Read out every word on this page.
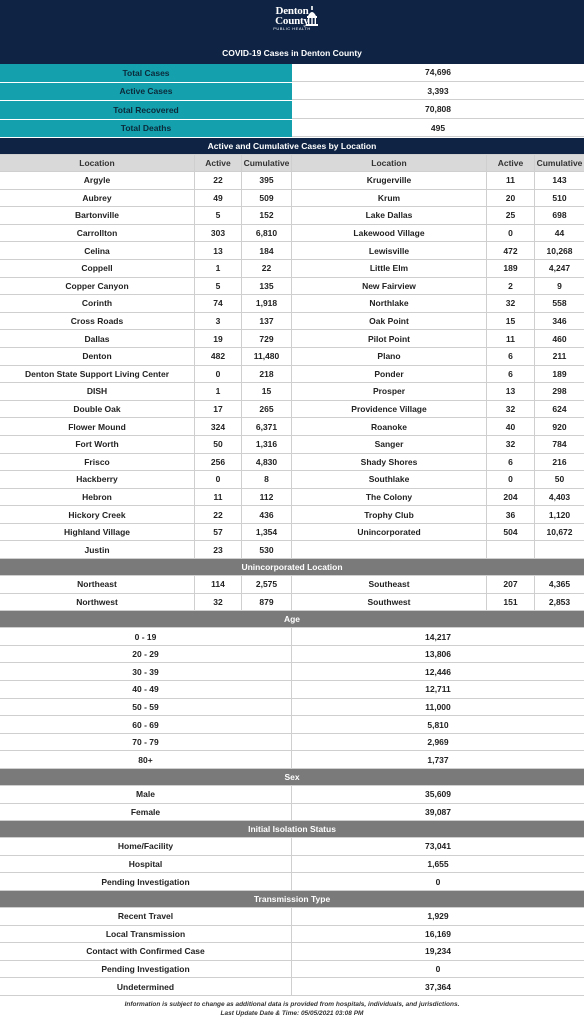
Denton
County
PUBLIC HEALTH
COVID-19 Cases in Denton County
Total Cases	74,696
Active Cases	3,393
Total Recovered	70,808
Total Deaths	495
Active and Cumulative Cases by Location
Location	Active	Cumulative	Location	Active	Cumulative
Argyle	22	395	Krugerville	11	143
Aubrey	49	509	Krum	20	510
Bartonville	5	152	Lake Dallas	25	698
Carrollton	303	6,810	Lakewood Village	0	44
Celina	13	184	Lewisville	472	10,268
Coppell	1	22	Little Elm	189	4,247
Copper Canyon	5	135	New Fairview	2	9
Corinth	74	1,918	Northlake	32	558
Cross Roads	3	137	Oak Point	15	346
Dallas	19	729	Pilot Point	11	460
Denton	482	11,480	Plano	6	211
Denton State Support Living Center	0	218	Ponder	6	189
DISH	1	15	Prosper	13	298
Double Oak	17	265	Providence Village	32	624
Flower Mound	324	6,371	Roanoke	40	920
Fort Worth	50	1,316	Sanger	32	784
Frisco	256	4,830	Shady Shores	6	216
Hackberry	0	8	Southlake	0	50
Hebron	11	112	The Colony	204	4,403
Hickory Creek	22	436	Trophy Club	36	1,120
Highland Village	57	1,354	Unincorporated	504	10,672
Justin	23	530
Unincorporated Location
Northeast	114	2,575	Southeast	207	4,365
Northwest	32	879	Southwest	151	2,853
Age
0 - 19	14,217
20 - 29	13,806
30 - 39	12,446
40 - 49	12,711
50 - 59	11,000
60 - 69	5,810
70 - 79	2,969
80+	1,737
Sex
Male	35,609
Female	39,087
Initial Isolation Status
Home/Facility	73,041
Hospital	1,655
Pending Investigation	0
Transmission Type
Recent Travel	1,929
Local Transmission	16,169
Contact with Confirmed Case	19,234
Pending Investigation	0
Undetermined	37,364
Information is subject to change as additional data is provided from hospitals, individuals, and jurisdictions.
Last Update Date & Time: 05/05/2021 03:08 PM
